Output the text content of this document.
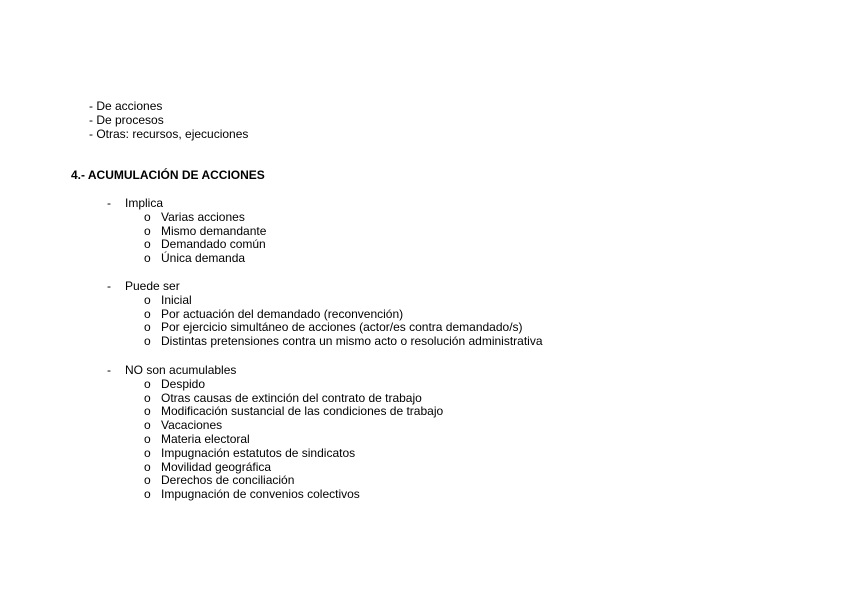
- De acciones
- De procesos
- Otras: recursos, ejecuciones
4.- ACUMULACIÓN DE ACCIONES
- Implica
o Varias acciones
o Mismo demandante
o Demandado común
o Única demanda
- Puede ser
o Inicial
o Por actuación del demandado (reconvención)
o Por ejercicio simultáneo de acciones (actor/es contra demandado/s)
o Distintas pretensiones contra un mismo acto o resolución administrativa
- NO son acumulables
o Despido
o Otras causas de extinción del contrato de trabajo
o Modificación sustancial de las condiciones de trabajo
o Vacaciones
o Materia electoral
o Impugnación estatutos de sindicatos
o Movilidad geográfica
o Derechos de conciliación
o Impugnación de convenios colectivos
